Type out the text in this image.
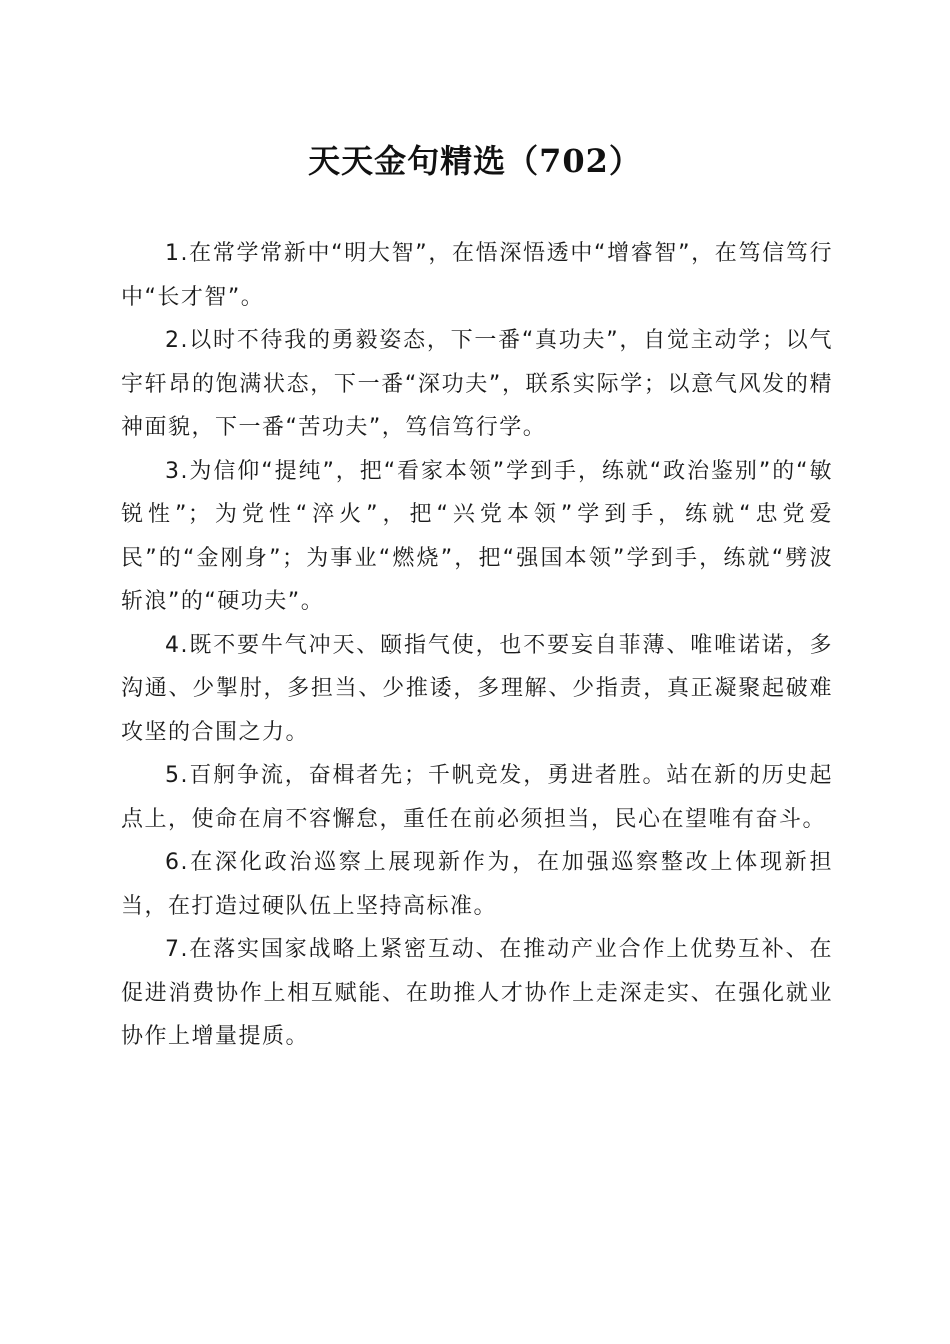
天天金句精选（702）

1.在常学常新中“明大智”，在悟深悟透中“增睿智”，在笃信笃行中“长才智”。

2.以时不待我的勇毅姿态，下一番“真功夫”，自觉主动学；以气宇轩昂的饱满状态，下一番“深功夫”，联系实际学；以意气风发的精神面貌，下一番“苦功夫”，笃信笃行学。

3.为信仰“提纯”，把“看家本领”学到手，练就“政治鉴别”的“敏锐性”；为党性“淬火”，把“兴党本领”学到手，练就“忠党爱民”的“金刚身”；为事业“燃烧”，把“强国本领”学到手，练就“劈波斩浪”的“硬功夫”。

4.既不要牛气冲天、颐指气使，也不要妄自菲薄、唯唯诺诺，多沟通、少掣肘，多担当、少推诿，多理解、少指责，真正凝聚起破难攻坚的合围之力。

5.百舸争流，奋楫者先；千帆竞发，勇进者胜。站在新的历史起点上，使命在肩不容懈怠，重任在前必须担当，民心在望唯有奋斗。

6.在深化政治巡察上展现新作为，在加强巡察整改上体现新担当，在打造过硬队伍上坚持高标准。

7.在落实国家战略上紧密互动、在推动产业合作上优势互补、在促进消费协作上相互赋能、在助推人才协作上走深走实、在强化就业协作上增量提质。
